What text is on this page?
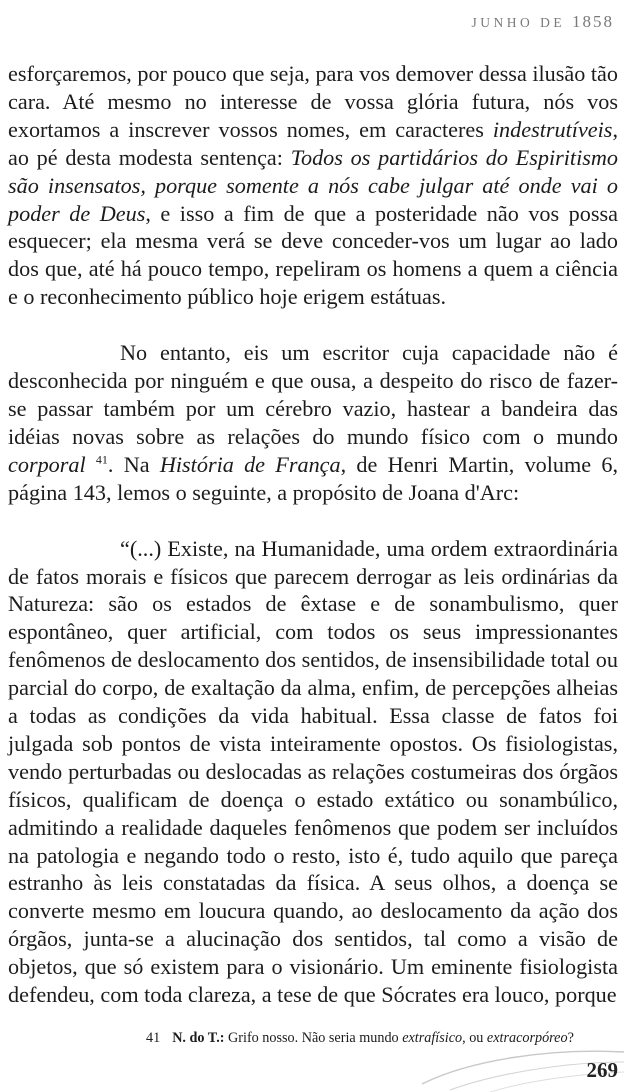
JUNHO DE 1858

esforçaremos, por pouco que seja, para vos demover dessa ilusão tão cara. Até mesmo no interesse de vossa glória futura, nós vos exortamos a inscrever vossos nomes, em caracteres indestrutíveis, ao pé desta modesta sentença: Todos os partidários do Espiritismo são insensatos, porque somente a nós cabe julgar até onde vai o poder de Deus, e isso a fim de que a posteridade não vos possa esquecer; ela mesma verá se deve conceder-vos um lugar ao lado dos que, até há pouco tempo, repeliram os homens a quem a ciência e o reconhecimento público hoje erigem estátuas.

No entanto, eis um escritor cuja capacidade não é desconhecida por ninguém e que ousa, a despeito do risco de fazer-se passar também por um cérebro vazio, hastear a bandeira das idéias novas sobre as relações do mundo físico com o mundo corporal $^{41}$. Na História de França, de Henri Martin, volume 6, página 143, lemos o seguinte, a propósito de Joana d'Arc:

“(...) Existe, na Humanidade, uma ordem extraordinária de fatos morais e físicos que parecem derrogar as leis ordinárias da Natureza: são os estados de êxtase e de sonambulismo, quer espontâneo, quer artificial, com todos os seus impressionantes fenômenos de deslocamento dos sentidos, de insensibilidade total ou parcial do corpo, de exaltação da alma, enfim, de percepções alheias a todas as condições da vida habitual. Essa classe de fatos foi julgada sob pontos de vista inteiramente opostos. Os fisiologistas, vendo perturbadas ou deslocadas as relações costumeiras dos órgãos físicos, qualificam de doença o estado extático ou sonambúlico, admitindo a realidade daqueles fenômenos que podem ser incluídos na patologia e negando todo o resto, isto é, tudo aquilo que pareça estranho às leis constatadas da física. A seus olhos, a doença se converte mesmo em loucura quando, ao deslocamento da ação dos órgãos, junta-se a alucinação dos sentidos, tal como a visão de objetos, que só existem para o visionário. Um eminente fisiologista defendeu, com toda clareza, a tese de que Sócrates era louco, porque

41 N. do T.: Grifo nosso. Não seria mundo extrafísico, ou extracorpóreo?
269
